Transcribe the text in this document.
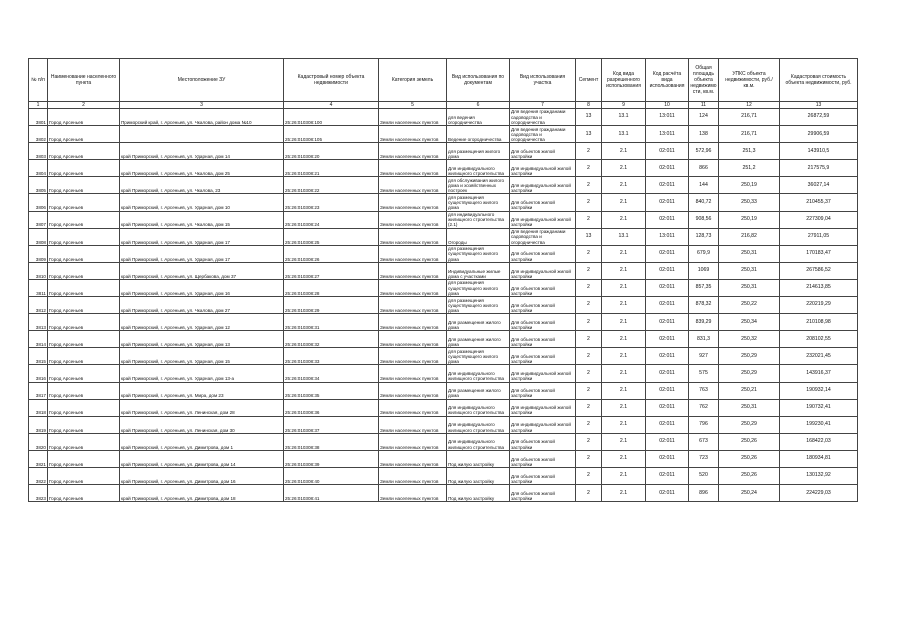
№ п/п	Наименование населенного пункта	Местоположение ЗУ	Кадастровый номер объекта недвижимости	Категория земель	Вид использования по документам	Вид использования участка	Сегмент	Код вида разрешенного использования	Код расчёта вида использования	Общая площадь объекта недвижимо сти, кв.м.	УПКС объекта недвижимости, руб./кв.м.	Кадастровая стоимость объекта недвижимости, руб.
1	2	3	4	5	6	7	8	9	10	11	12	13
3801	Город Арсеньев	Приморский край, г. Арсеньев, ул. Чкалова, район дома №10	25:26:010308:100	Земли населенных пунктов	для ведения огородничества	Для ведения гражданами садоводства и огородничества	13	13.1	13:011	124	216,71	26872,59
3802	Город Арсеньев		25:26:010308:105	Земли населенных пунктов	Ведение огородничества	Для ведения гражданами садоводства и огородничества	13	13.1	13:011	138	216,71	29906,59
3803	Город Арсеньев	край Приморский, г. Арсеньев, ул. Ударная, дом 14	25:26:010308:20	Земли населенных пунктов	для размещения жилого дома	Для объектов жилой застройки	2	2.1	02:011	572,96	251,3	143910,5
3804	Город Арсеньев	край Приморский, г. Арсеньев, ул. Чкалова, дом 25	25:26:010308:21	Земли населенных пунктов	Для индивидуального жилищного строительства	Для индивидуальной жилой застройки	2	2.1	02:011	866	251,2	217575,9
3805	Город Арсеньев	край Приморский, г. Арсеньев, ул. Чкалова, 23	25:26:010308:22	Земли населенных пунктов	для обслуживания жилого дома и хозяйственных построек	Для индивидуальной жилой застройки	2	2.1	02:011	144	250,19	36027,14
3806	Город Арсеньев	край Приморский, г. Арсеньев, ул. Ударная, дом 10	25:26:010308:23	Земли населенных пунктов	для размещения существующего жилого дома	Для объектов жилой застройки	2	2.1	02:011	840,72	250,33	210455,37
3807	Город Арсеньев	край Приморский, г. Арсеньев, ул. Чкалова, дом 15	25:26:010308:24	Земли населенных пунктов	для индивидуального жилищного строительства (2.1)	Для индивидуальной жилой застройки	2	2.1	02:011	908,56	250,19	227309,04
3808	Город Арсеньев	край Приморский, г. Арсеньев, ул. Ударная, дом 17	25:26:010308:25	Земли населенных пунктов	Огороды	Для ведения гражданами садоводства и огородничества	13	13.1	13:011	128,73	216,82	27911,05
3809	Город Арсеньев	край Приморский, г. Арсеньев, ул. Ударная, дом 17	25:26:010308:26	Земли населенных пунктов	для размещения существующего жилого дома	Для объектов жилой застройки	2	2.1	02:011	679,9	250,31	170183,47
3810	Город Арсеньев	край Приморский, г. Арсеньев, ул. Щербакова, дом 37	25:26:010308:27	Земли населенных пунктов	Индивидуальные жилые дома с участками	Для индивидуальной жилой застройки	2	2.1	02:011	1069	250,31	267586,52
3811	Город Арсеньев	край Приморский, г. Арсеньев, ул. Ударная, дом 16	25:26:010308:28	Земли населенных пунктов	для размещения существующего жилого дома	Для объектов жилой застройки	2	2.1	02:011	857,35	250,31	214613,85
3812	Город Арсеньев	край Приморский, г. Арсеньев, ул. Чкалова, дом 27	25:26:010308:29	Земли населенных пунктов	для размещения существующего жилого дома	Для объектов жилой застройки	2	2.1	02:011	878,32	250,22	220219,29
3813	Город Арсеньев	край Приморский, г. Арсеньев, ул. Ударная, дом 12	25:26:010308:31	Земли населенных пунктов	Для размещения жилого дома	Для объектов жилой застройки	2	2.1	02:011	839,29	250,34	210108,98
3814	Город Арсеньев	край Приморский, г. Арсеньев, ул. Ударная, дом 13	25:26:010308:32	Земли населенных пунктов	Для размещения жилого дома	Для объектов жилой застройки	2	2.1	02:011	831,3	250,32	208102,55
3815	Город Арсеньев	край Приморский, г. Арсеньев, ул. Ударная, дом 15	25:26:010308:33	Земли населенных пунктов	для размещения существующего жилого дома	Для объектов жилой застройки	2	2.1	02:011	927	250,29	232021,45
3816	Город Арсеньев	край Приморский, г. Арсеньев, ул. Ударная, дом 13-а	25:26:010308:34	Земли населенных пунктов	Для индивидуального жилищного строительства	Для индивидуальной жилой застройки	2	2.1	02:011	575	250,29	143916,37
3817	Город Арсеньев	край Приморский, г. Арсеньев, ул. Мира, дом 23	25:26:010308:35	Земли населенных пунктов	Для размещения жилого дома	Для объектов жилой застройки	2	2.1	02:011	763	250,21	190932,14
3818	Город Арсеньев	край Приморский, г. Арсеньев, ул. Ленинская, дом 28	25:26:010308:36	Земли населенных пунктов	Для индивидуального жилищного строительства	Для индивидуальной жилой застройки	2	2.1	02:011	762	250,31	190732,41
3819	Город Арсеньев	край Приморский, г. Арсеньев, ул. Ленинская, дом 30	25:26:010308:37	Земли населенных пунктов	Для индивидуального жилищного строительства	Для индивидуальной жилой застройки	2	2.1	02:011	796	250,29	199230,41
3820	Город Арсеньев	край Приморский, г. Арсеньев, ул. Димитрова, дом 1	25:26:010308:38	Земли населенных пунктов	Для индивидуального жилищного строительства	Для объектов жилой застройки	2	2.1	02:011	673	250,26	168422,03
3821	Город Арсеньев	край Приморский, г. Арсеньев, ул. Димитрова, дом 14	25:26:010308:39	Земли населенных пунктов	Под жилую застройку	Для объектов жилой застройки	2	2.1	02:011	723	250,26	180934,81
3822	Город Арсеньев	край Приморский, г. Арсеньев, ул. Димитрова, дом 16	25:26:010308:40	Земли населенных пунктов	Под жилую застройку	Для объектов жилой застройки	2	2.1	02:011	520	250,26	130132,92
3823	Город Арсеньев	край Приморский, г. Арсеньев, ул. Димитрова, дом 18	25:26:010308:41	Земли населенных пунктов	Под жилую застройку	Для объектов жилой застройки	2	2.1	02:011	896	250,24	224229,03
